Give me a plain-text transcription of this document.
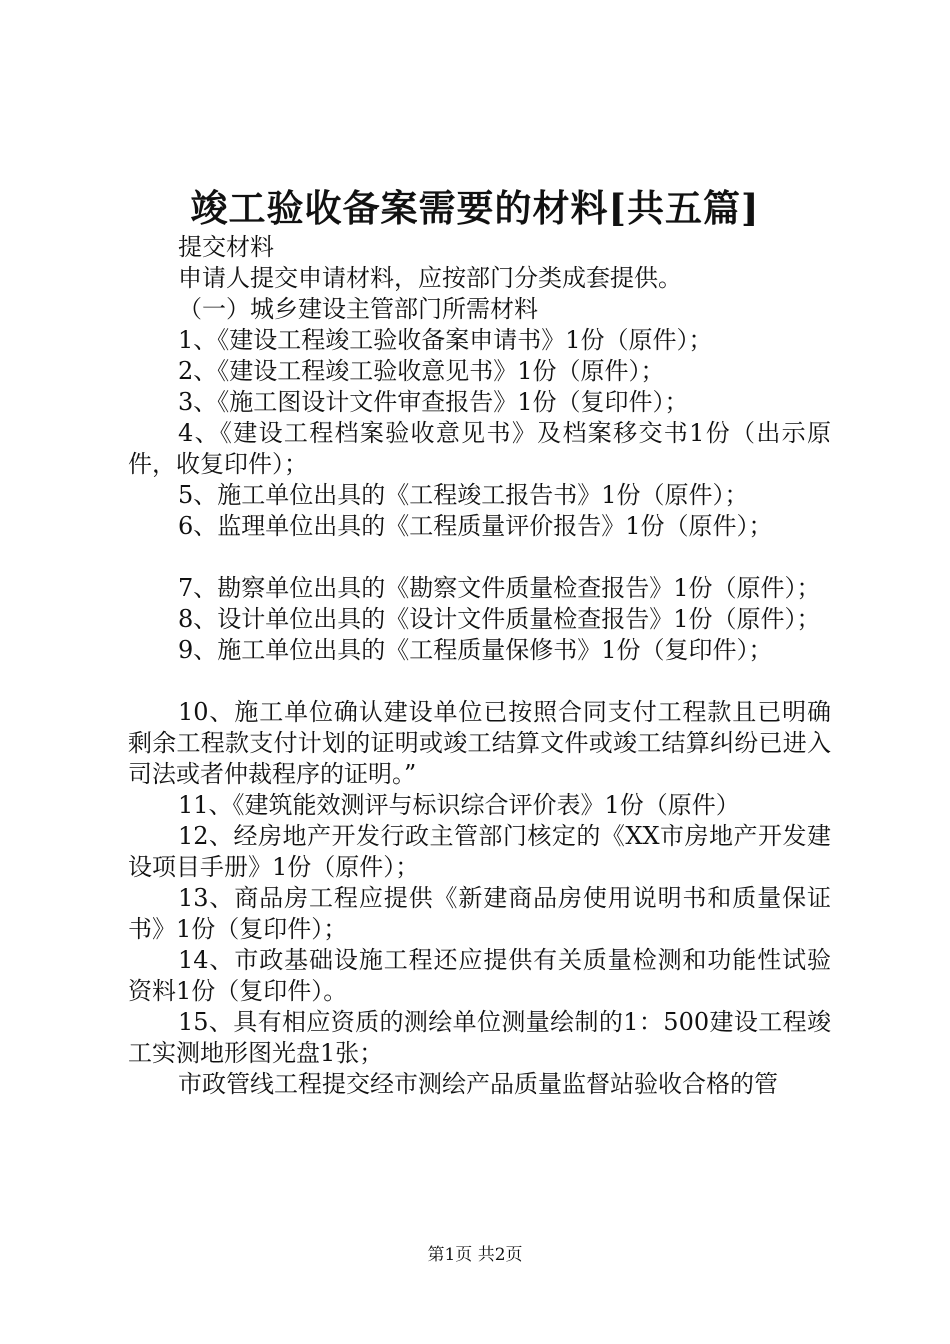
竣工验收备案需要的材料[共五篇]

提交材料

申请人提交申请材料，应按部门分类成套提供。

（一）城乡建设主管部门所需材料

1、《建设工程竣工验收备案申请书》1份（原件）；

2、《建设工程竣工验收意见书》1份（原件）；

3、《施工图设计文件审查报告》1份（复印件）；

4、《建设工程档案验收意见书》及档案移交书1份（出示原件，收复印件）；

5、施工单位出具的《工程竣工报告书》1份（原件）；

6、监理单位出具的《工程质量评价报告》1份（原件）；

7、勘察单位出具的《勘察文件质量检查报告》1份（原件）；

8、设计单位出具的《设计文件质量检查报告》1份（原件）；

9、施工单位出具的《工程质量保修书》1份（复印件）；

10、施工单位确认建设单位已按照合同支付工程款且已明确剩余工程款支付计划的证明或竣工结算文件或竣工结算纠纷已进入司法或者仲裁程序的证明。”

11、《建筑能效测评与标识综合评价表》1份（原件）

12、经房地产开发行政主管部门核定的《XX市房地产开发建设项目手册》1份（原件）；

13、商品房工程应提供《新建商品房使用说明书和质量保证书》1份（复印件）；

14、市政基础设施工程还应提供有关质量检测和功能性试验资料1份（复印件）。

15、具有相应资质的测绘单位测量绘制的1：500建设工程竣工实测地形图光盘1张；

市政管线工程提交经市测绘产品质量监督站验收合格的管

第1页 共2页
